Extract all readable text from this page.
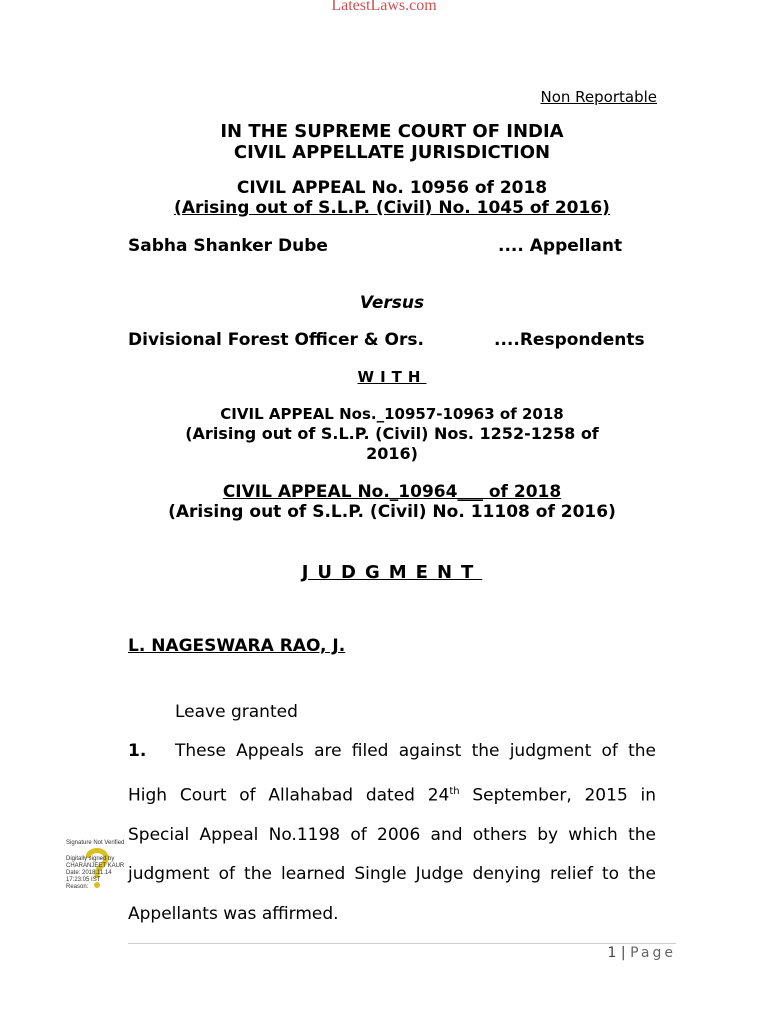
LatestLaws.com
Non Reportable
IN THE SUPREME COURT OF INDIA
CIVIL APPELLATE JURISDICTION
CIVIL APPEAL No. 10956 of 2018
(Arising out of S.L.P. (Civil) No. 1045 of 2016)
Sabha Shanker Dube	.... Appellant
Versus
Divisional Forest Officer & Ors.	....Respondents
WITH
CIVIL APPEAL Nos._10957-10963 of 2018
(Arising out of S.L.P. (Civil) Nos. 1252-1258 of
2016)
CIVIL APPEAL No._10964___ of 2018
(Arising out of S.L.P. (Civil) No. 11108 of 2016)
JUDGMENT
L. NAGESWARA RAO, J.
Leave granted
1. These Appeals are filed against the judgment of the High Court of Allahabad dated 24th September, 2015 in Special Appeal No.1198 of 2006 and others by which the judgment of the learned Single Judge denying relief to the Appellants was affirmed.
Signature Not Verified
Digitally signed by
CHARANJEET KAUR
Date: 2018.11.14
17:23:05 IST
Reason:
1 | Page
